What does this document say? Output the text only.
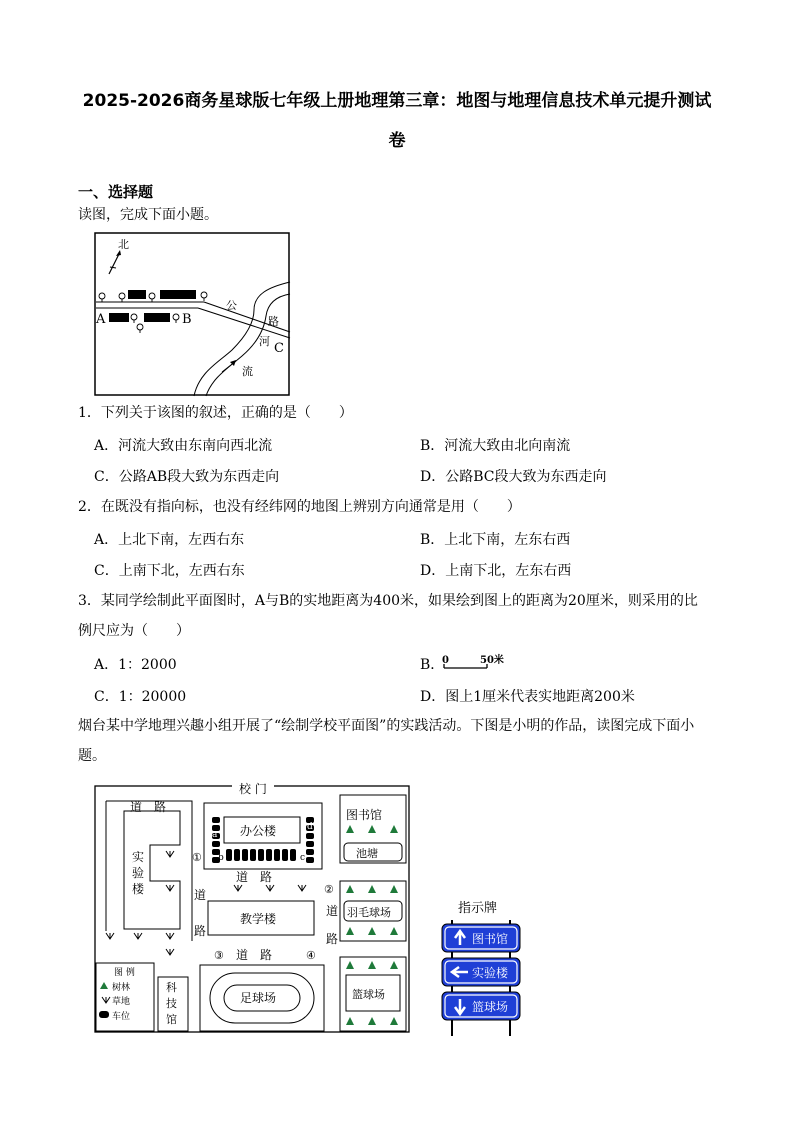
2025-2026商务星球版七年级上册地理第三章：地图与地理信息技术单元提升测试
卷
一、选择题
读图，完成下面小题。
北
A	B
C
公
路
河
流
1．下列关于该图的叙述，正确的是（　　）
A．河流大致由东南向西北流	B．河流大致由北向南流
C．公路AB段大致为东西走向	D．公路BC段大致为东西走向
2．在既没有指向标，也没有经纬网的地图上辨别方向通常是用（　　）
A．上北下南，左西右东	B．上北下南，左东右西
C．上南下北，左西右东	D．上南下北，左东右西
3．某同学绘制此平面图时，A与B的实地距离为400米，如果绘到图上的距离为20厘米，则采用的比
例尺应为（　　）
A．1：2000	B．
0	50米
C．1：20000	D．图上1厘米代表实地距离200米
烟台某中学地理兴趣小组开展了“绘制学校平面图”的实践活动。下图是小明的作品，读图完成下面小
题。
校 门
道　路
实
验
楼
办公楼
a
d
b	c
①
图书馆
池塘
道　路
道
路
教学楼
②
道
路
羽毛球场
③ 道　路	④
足球场	篮球场
科
技
馆
图 例
树林
草地
车位
指示牌
图书馆
实验楼
篮球场
